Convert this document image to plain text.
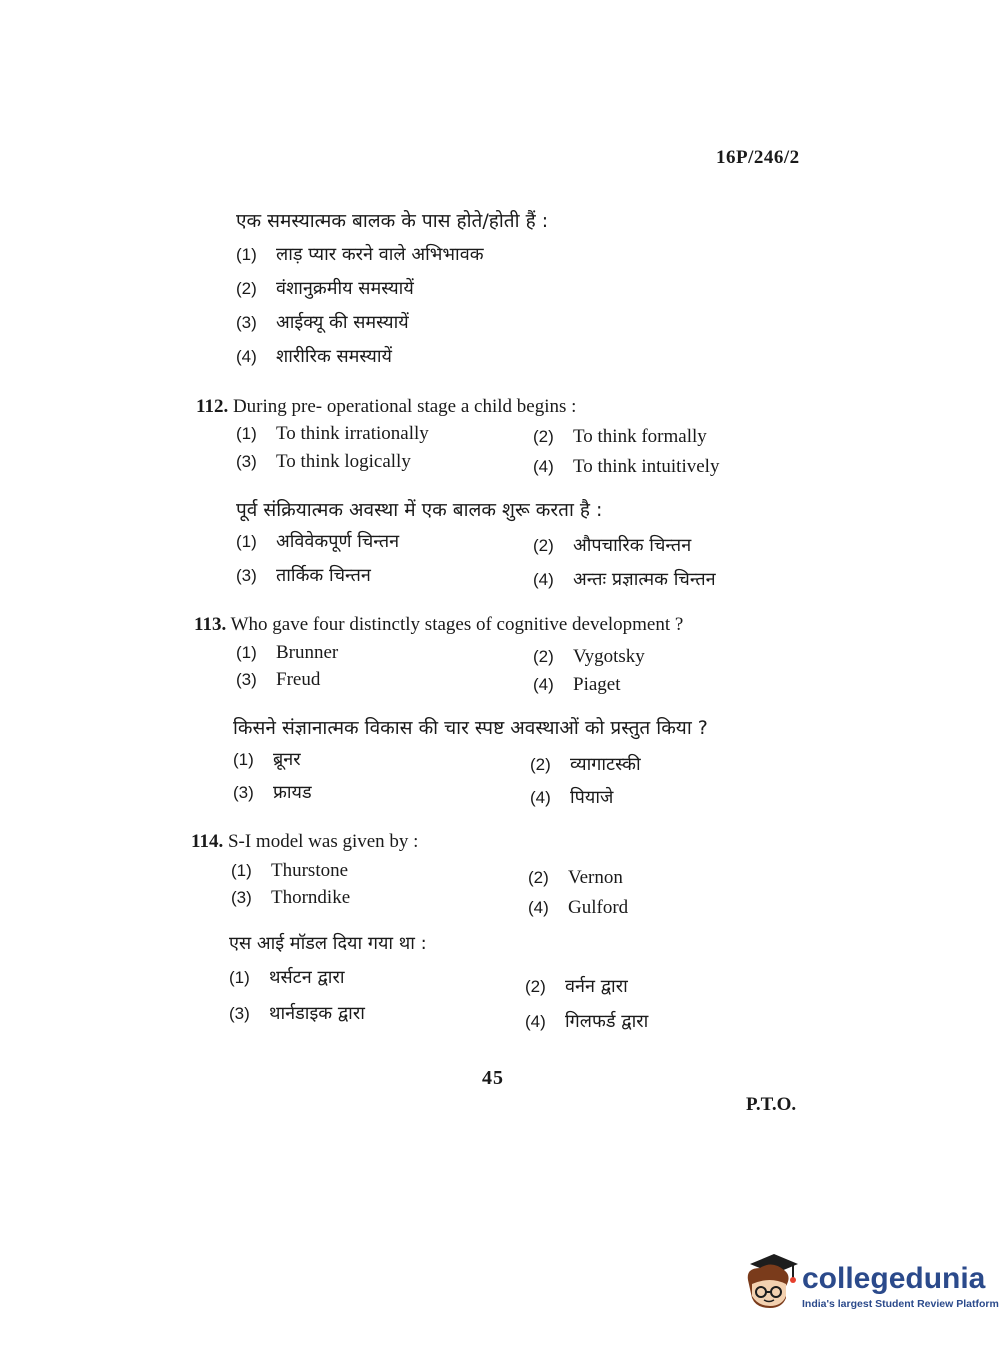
16P/246/2
एक समस्यात्मक बालक के पास होते/होती हैं :
(1) लाड़ प्यार करने वाले अभिभावक
(2) वंशानुक्रमीय समस्यायें
(3) आईक्यू की समस्यायें
(4) शारीरिक समस्यायें
112. During pre- operational stage a child begins :
(1) To think irrationally	(2) To think formally
(3) To think logically	(4) To think intuitively
पूर्व संक्रियात्मक अवस्था में एक बालक शुरू करता है :
(1) अविवेकपूर्ण चिन्तन	(2) औपचारिक चिन्तन
(3) तार्किक चिन्तन	(4) अन्तः प्रज्ञात्मक चिन्तन
113. Who gave four distinctly stages of cognitive development ?
(1) Brunner	(2) Vygotsky
(3) Freud	(4) Piaget
किसने संज्ञानात्मक विकास की चार स्पष्ट अवस्थाओं को प्रस्तुत किया ?
(1) ब्रूनर	(2) व्यागाटस्की
(3) फ्रायड	(4) पियाजे
114. S-I model was given by :
(1) Thurstone	(2) Vernon
(3) Thorndike	(4) Gulford
एस आई मॉडल दिया गया था :
(1) थर्सटन द्वारा	(2) वर्नन द्वारा
(3) थार्नडाइक द्वारा	(4) गिलफर्ड द्वारा
45
P.T.O.
collegedunia
India's largest Student Review Platform
